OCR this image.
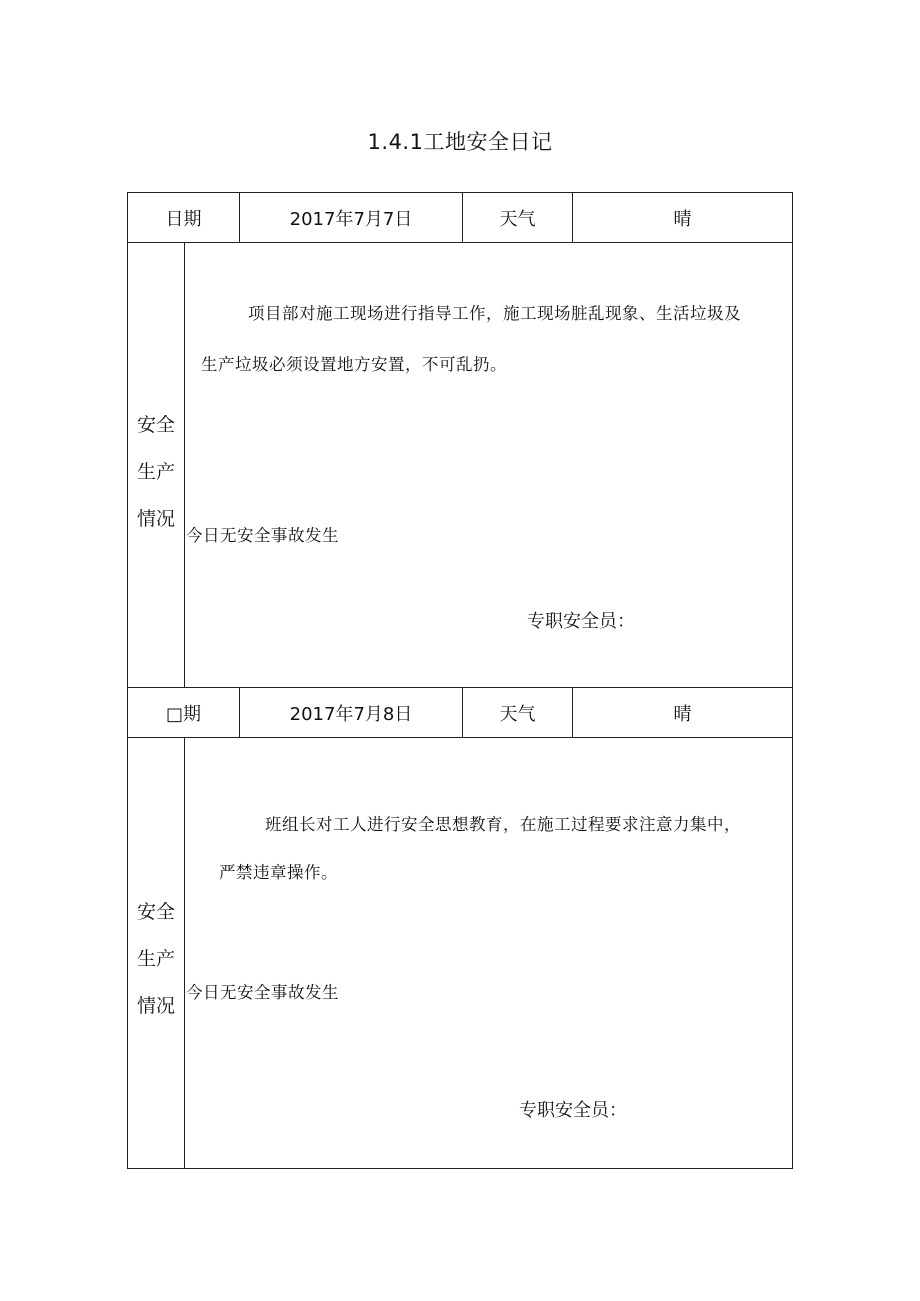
1.4.1工地安全日记
日期	2017年7月7日	天气	晴
安全
生产
情况
项目部对施工现场进行指导工作，施工现场脏乱现象、生活垃圾及
生产垃圾必须设置地方安置，不可乱扔。
今日无安全事故发生
专职安全员：
□期	2017年7月8日	天气	晴
安全
生产
情况
班组长对工人进行安全思想教育，在施工过程要求注意力集中，
严禁违章操作。
今日无安全事故发生
专职安全员：
